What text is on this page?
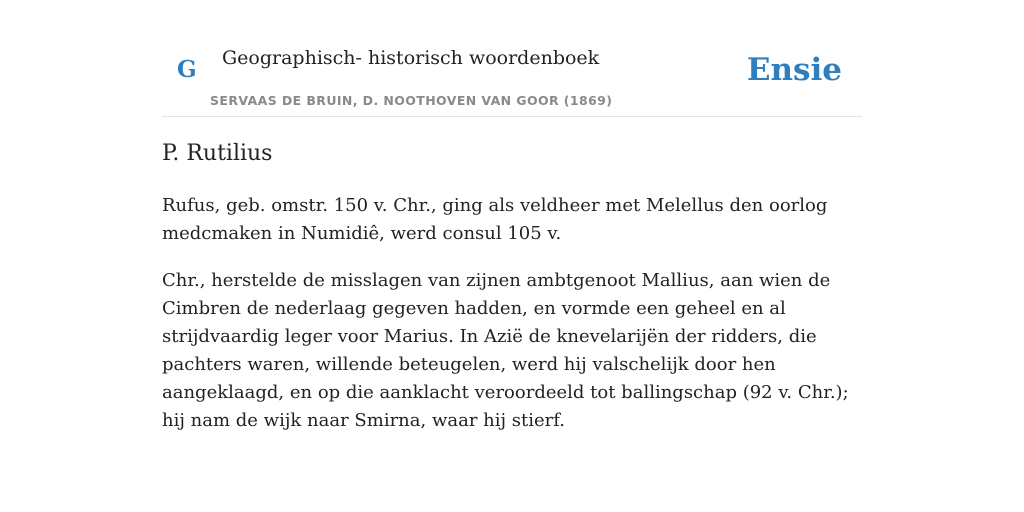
G Geographisch- historisch woordenboek
SERVAAS DE BRUIN, D. NOOTHOVEN VAN GOOR (1869)
Ensie
P. Rutilius

Rufus, geb. omstr. 150 v. Chr., ging als veldheer met Melellus den oorlog medcmaken in Numidiê, werd consul 105 v.

Chr., herstelde de misslagen van zijnen ambtgenoot Mallius, aan wien de Cimbren de nederlaag gegeven hadden, en vormde een geheel en al strijdvaardig leger voor Marius. In Azië de knevelarijën der ridders, die pachters waren, willende beteugelen, werd hij valschelijk door hen aangeklaagd, en op die aanklacht veroordeeld tot ballingschap (92 v. Chr.); hij nam de wijk naar Smirna, waar hij stierf.
